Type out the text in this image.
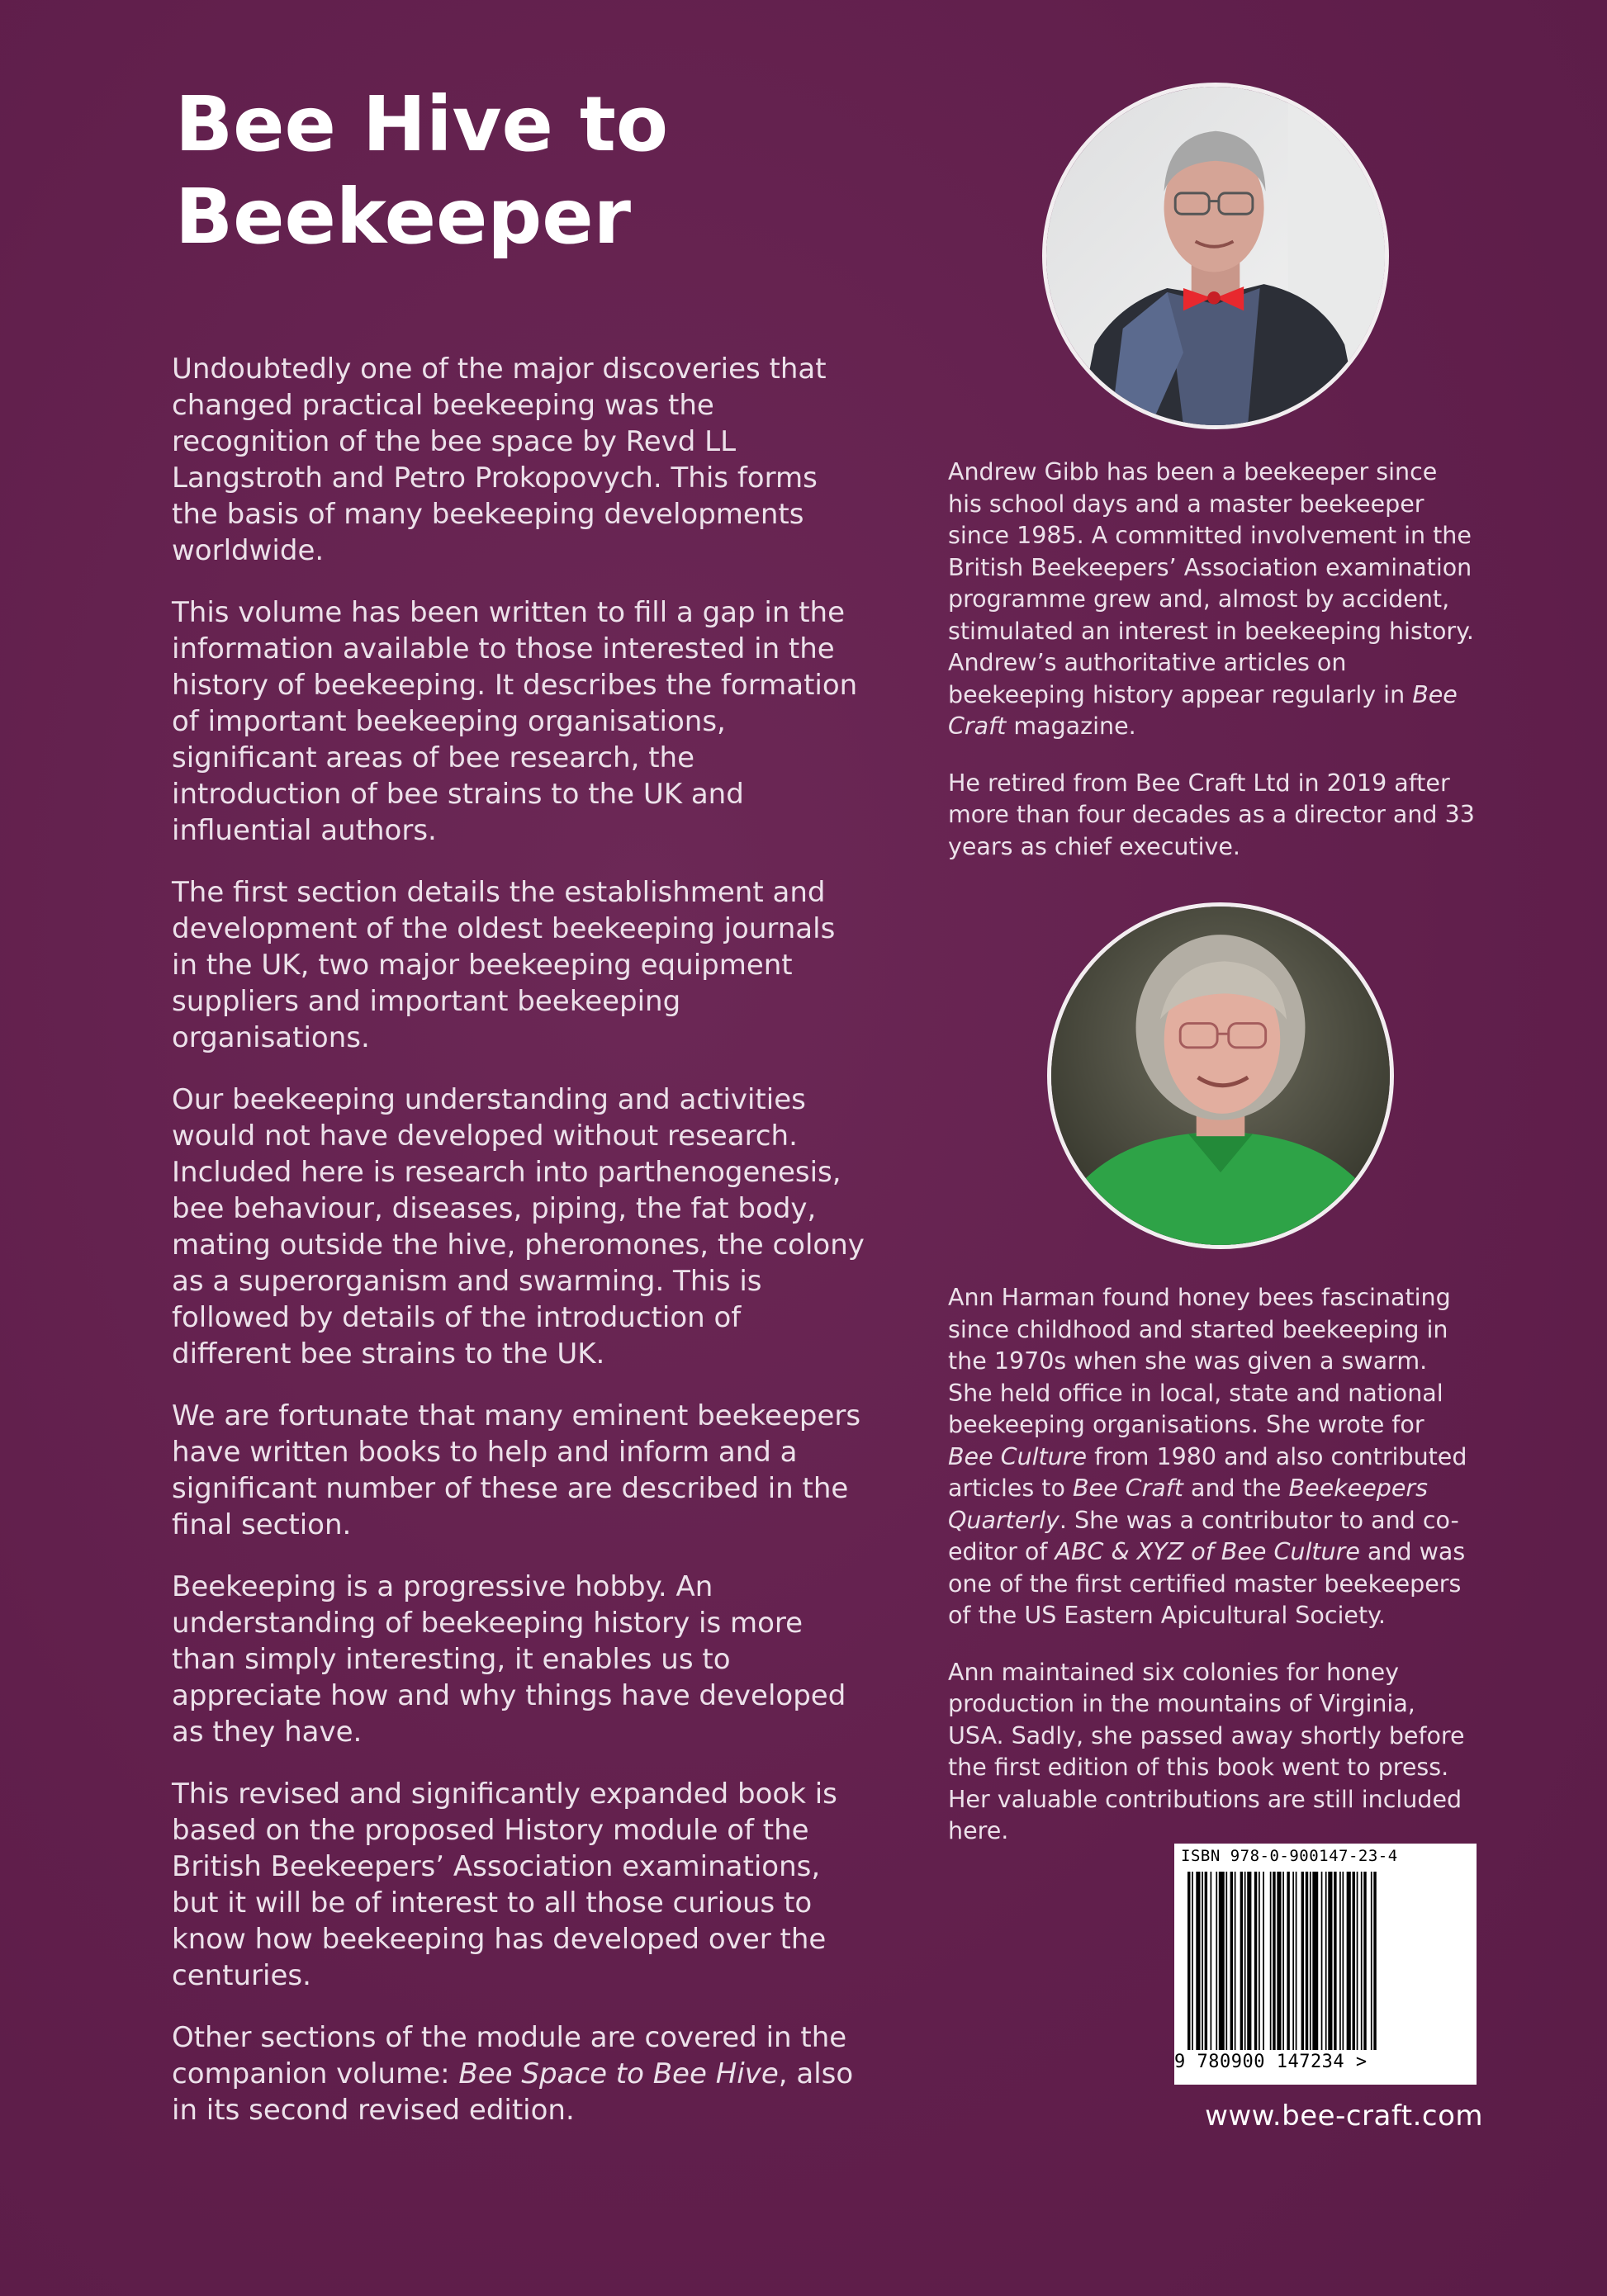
Bee Hive to
Beekeeper

Undoubtedly one of the major discoveries that changed practical beekeeping was the recognition of the bee space by Revd LL Langstroth and Petro Prokopovych. This forms the basis of many beekeeping developments worldwide.

This volume has been written to fill a gap in the information available to those interested in the history of beekeeping. It describes the formation of important beekeeping organisations, significant areas of bee research, the introduction of bee strains to the UK and influential authors.

The first section details the establishment and development of the oldest beekeeping journals in the UK, two major beekeeping equipment suppliers and important beekeeping organisations.

Our beekeeping understanding and activities would not have developed without research. Included here is research into parthenogenesis, bee behaviour, diseases, piping, the fat body, mating outside the hive, pheromones, the colony as a superorganism and swarming. This is followed by details of the introduction of different bee strains to the UK.

We are fortunate that many eminent beekeepers have written books to help and inform and a significant number of these are described in the final section.

Beekeeping is a progressive hobby. An understanding of beekeeping history is more than simply interesting, it enables us to appreciate how and why things have developed as they have.

This revised and significantly expanded book is based on the proposed History module of the British Beekeepers’ Association examinations, but it will be of interest to all those curious to know how beekeeping has developed over the centuries.

Other sections of the module are covered in the companion volume: Bee Space to Bee Hive, also in its second revised edition.

Andrew Gibb has been a beekeeper since his school days and a master beekeeper since 1985. A committed involvement in the British Beekeepers’ Association examination programme grew and, almost by accident, stimulated an interest in beekeeping history. Andrew’s authoritative articles on beekeeping history appear regularly in Bee Craft magazine.

He retired from Bee Craft Ltd in 2019 after more than four decades as a director and 33 years as chief executive.

Ann Harman found honey bees fascinating since childhood and started beekeeping in the 1970s when she was given a swarm. She held office in local, state and national beekeeping organisations. She wrote for Bee Culture from 1980 and also contributed articles to Bee Craft and the Beekeepers Quarterly. She was a contributor to and co-editor of ABC & XYZ of Bee Culture and was one of the first certified master beekeepers of the US Eastern Apicultural Society.

Ann maintained six colonies for honey production in the mountains of Virginia, USA. Sadly, she passed away shortly before the first edition of this book went to press. Her valuable contributions are still included here.

ISBN 978-0-900147-23-4
9 780900 147234 >
www.bee-craft.com
